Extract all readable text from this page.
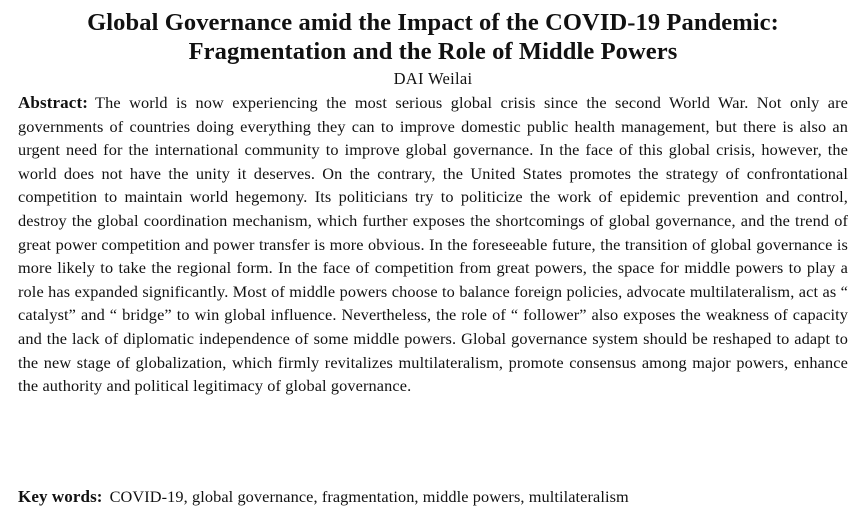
Global Governance amid the Impact of the COVID-19 Pandemic:
Fragmentation and the Role of Middle Powers
DAI Weilai

Abstract: The world is now experiencing the most serious global crisis since the second World War. Not only are governments of countries doing everything they can to improve domestic public health management, but there is also an urgent need for the international community to improve global governance. In the face of this global crisis, however, the world does not have the unity it deserves. On the contrary, the United States promotes the strategy of confrontational competition to maintain world hegemony. Its politicians try to politicize the work of epidemic prevention and control, destroy the global coordination mechanism, which further exposes the shortcomings of global governance, and the trend of great power competition and power transfer is more obvious. In the foreseeable future, the transition of global governance is more likely to take the regional form. In the face of competition from great powers, the space for middle powers to play a role has expanded significantly. Most of middle powers choose to balance foreign policies, advocate multilateralism, act as “ catalyst” and “ bridge” to win global influence. Nevertheless, the role of “ follower” also exposes the weakness of capacity and the lack of diplomatic independence of some middle powers. Global governance system should be reshaped to adapt to the new stage of globalization, which firmly revitalizes multilateralism, promote consensus among major powers, enhance the authority and political legitimacy of global governance.

Key words: COVID-19, global governance, fragmentation, middle powers, multilateralism
